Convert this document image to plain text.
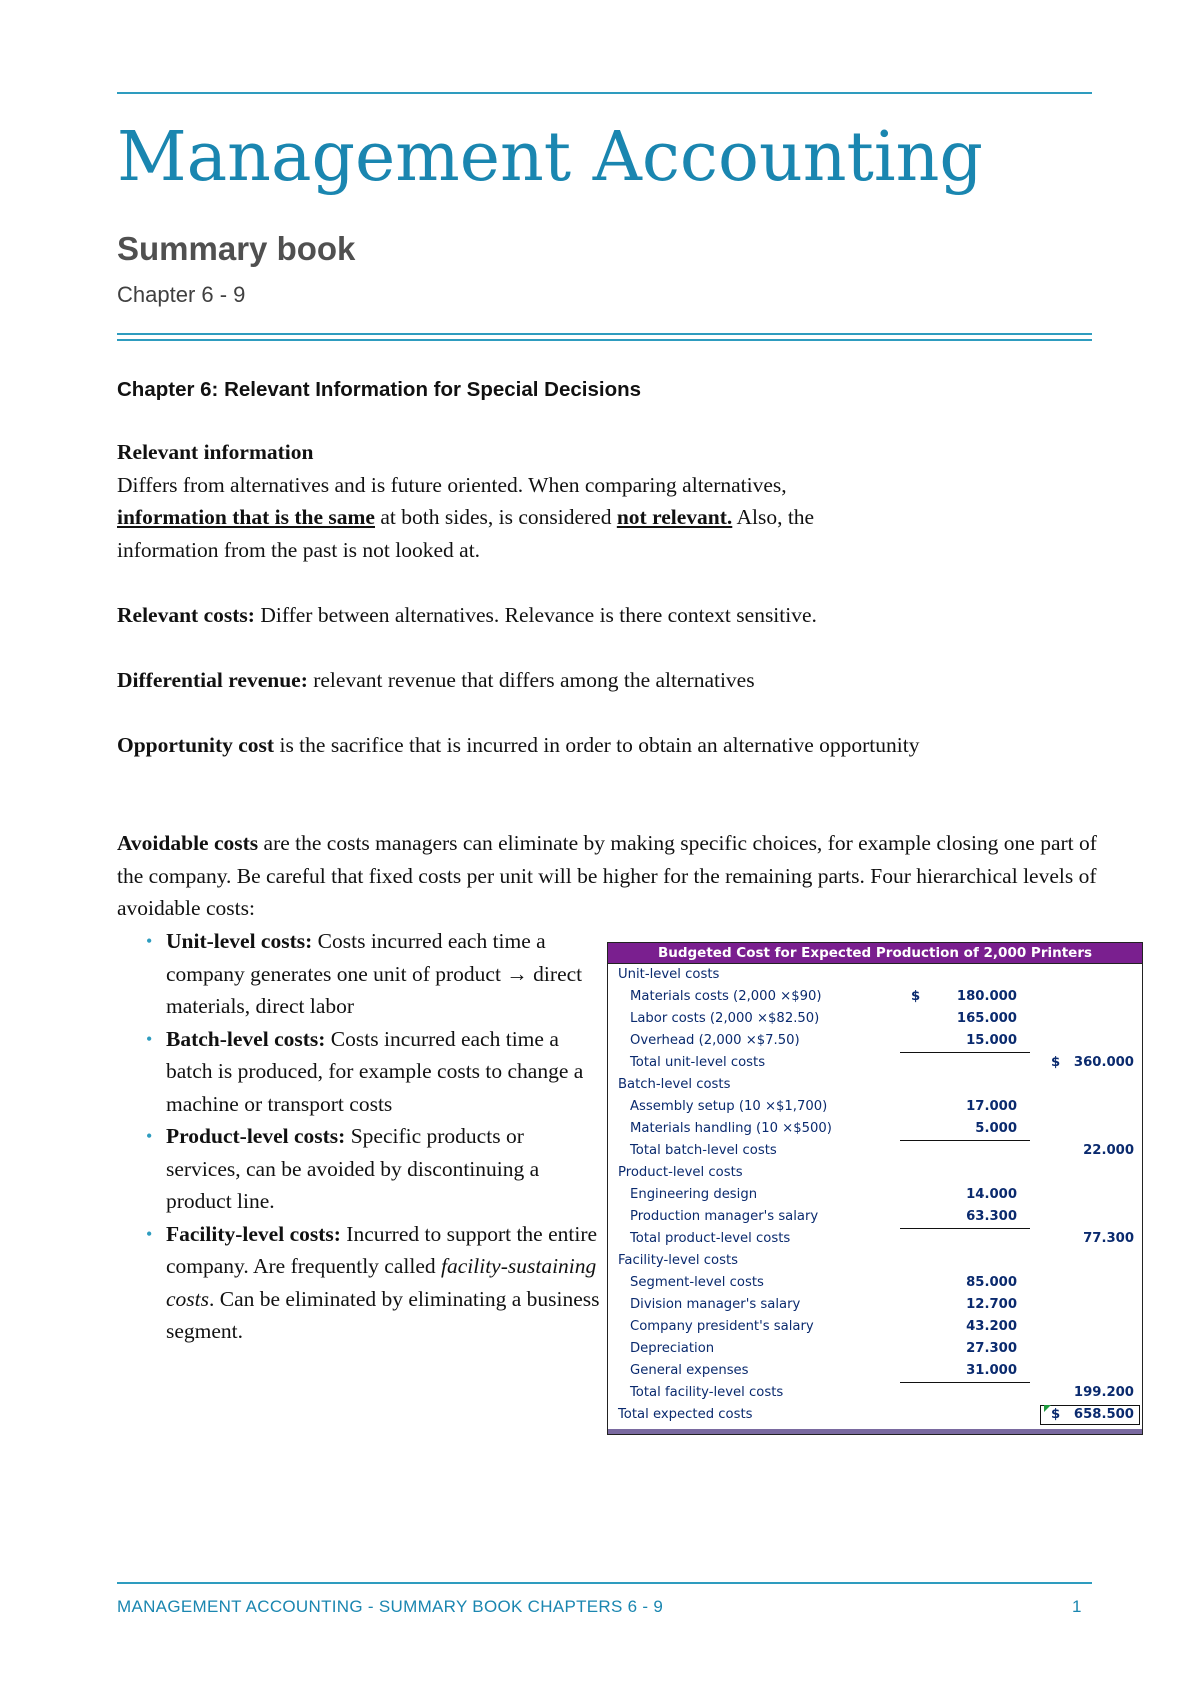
Management Accounting
Summary book
Chapter 6 - 9
Chapter 6: Relevant Information for Special Decisions
Relevant information
Differs from alternatives and is future oriented. When comparing alternatives,
information that is the same at both sides, is considered not relevant. Also, the
information from the past is not looked at.
Relevant costs: Differ between alternatives. Relevance is there context sensitive.
Differential revenue: relevant revenue that differs among the alternatives
Opportunity cost is the sacrifice that is incurred in order to obtain an alternative opportunity
Avoidable costs are the costs managers can eliminate by making specific choices, for example closing one part of the company. Be careful that fixed costs per unit will be higher for the remaining parts. Four hierarchical levels of avoidable costs:
• Unit-level costs: Costs incurred each time a company generates one unit of product → direct materials, direct labor
• Batch-level costs: Costs incurred each time a batch is produced, for example costs to change a machine or transport costs
• Product-level costs: Specific products or services, can be avoided by discontinuing a product line.
• Facility-level costs: Incurred to support the entire company. Are frequently called facility-sustaining costs. Can be eliminated by eliminating a business segment.
Budgeted Cost for Expected Production of 2,000 Printers
Unit-level costs
Materials costs (2,000 ×$90)	$	180.000
Labor costs (2,000 ×$82.50)	165.000
Overhead (2,000 ×$7.50)	15.000
Total unit-level costs	$	360.000
Batch-level costs
Assembly setup (10 ×$1,700)	17.000
Materials handling (10 ×$500)	5.000
Total batch-level costs	22.000
Product-level costs
Engineering design	14.000
Production manager's salary	63.300
Total product-level costs	77.300
Facility-level costs
Segment-level costs	85.000
Division manager's salary	12.700
Company president's salary	43.200
Depreciation	27.300
General expenses	31.000
Total facility-level costs	199.200
Total expected costs	$	658.500
MANAGEMENT ACCOUNTING - SUMMARY BOOK CHAPTERS 6 - 9	1
